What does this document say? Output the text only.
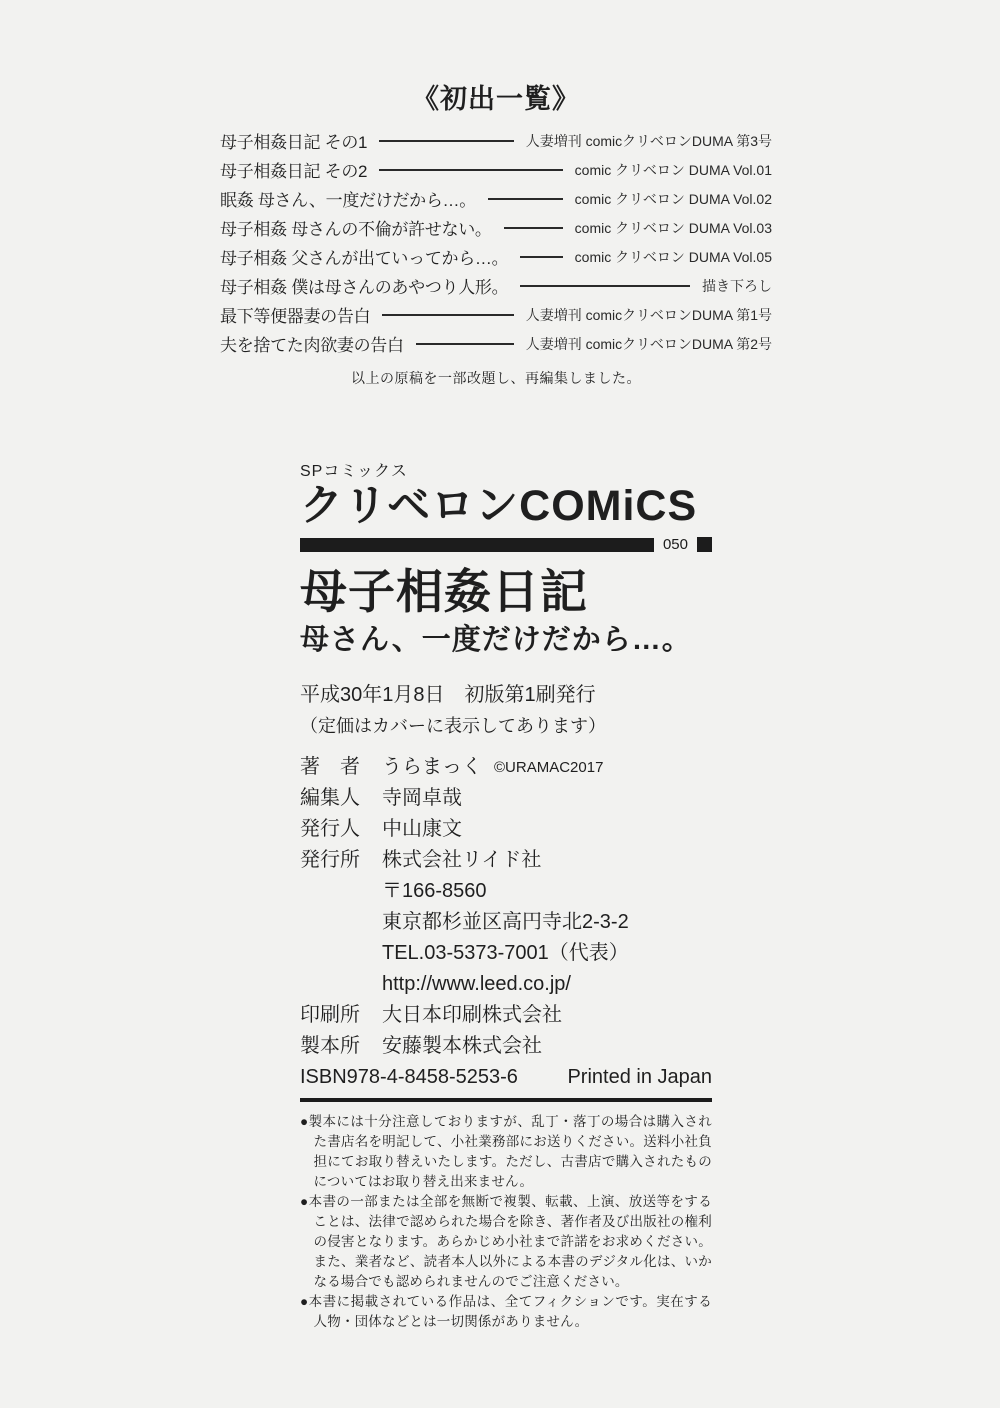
《初出一覧》
母子相姦日記 その1	人妻増刊 comicクリベロンDUMA 第3号
母子相姦日記 その2	comic クリベロン DUMA Vol.01
眠姦 母さん、一度だけだから…。	comic クリベロン DUMA Vol.02
母子相姦 母さんの不倫が許せない。	comic クリベロン DUMA Vol.03
母子相姦 父さんが出ていってから…。	comic クリベロン DUMA Vol.05
母子相姦 僕は母さんのあやつり人形。	描き下ろし
最下等便器妻の告白	人妻増刊 comicクリベロンDUMA 第1号
夫を捨てた肉欲妻の告白	人妻増刊 comicクリベロンDUMA 第2号
以上の原稿を一部改題し、再編集しました。
SPコミックス
クリベロンCOMiCS
050
母子相姦日記
母さん、一度だけだから…。
平成30年1月8日　初版第1刷発行
（定価はカバーに表示してあります）
著　者 うらまっく ©URAMAC2017
編集人 寺岡卓哉
発行人 中山康文
発行所 株式会社リイド社
〒166-8560
東京都杉並区高円寺北2-3-2
TEL.03-5373-7001（代表）
http://www.leed.co.jp/
印刷所 大日本印刷株式会社
製本所 安藤製本株式会社
ISBN978-4-8458-5253-6 Printed in Japan

●製本には十分注意しておりますが、乱丁・落丁の場合は購入された書店名を明記して、小社業務部にお送りください。送料小社負担にてお取り替えいたします。ただし、古書店で購入されたものについてはお取り替え出来ません。

●本書の一部または全部を無断で複製、転載、上演、放送等をすることは、法律で認められた場合を除き、著作者及び出版社の権利の侵害となります。あらかじめ小社まで許諾をお求めください。また、業者など、読者本人以外による本書のデジタル化は、いかなる場合でも認められませんのでご注意ください。

●本書に掲載されている作品は、全てフィクションです。実在する人物・団体などとは一切関係がありません。
